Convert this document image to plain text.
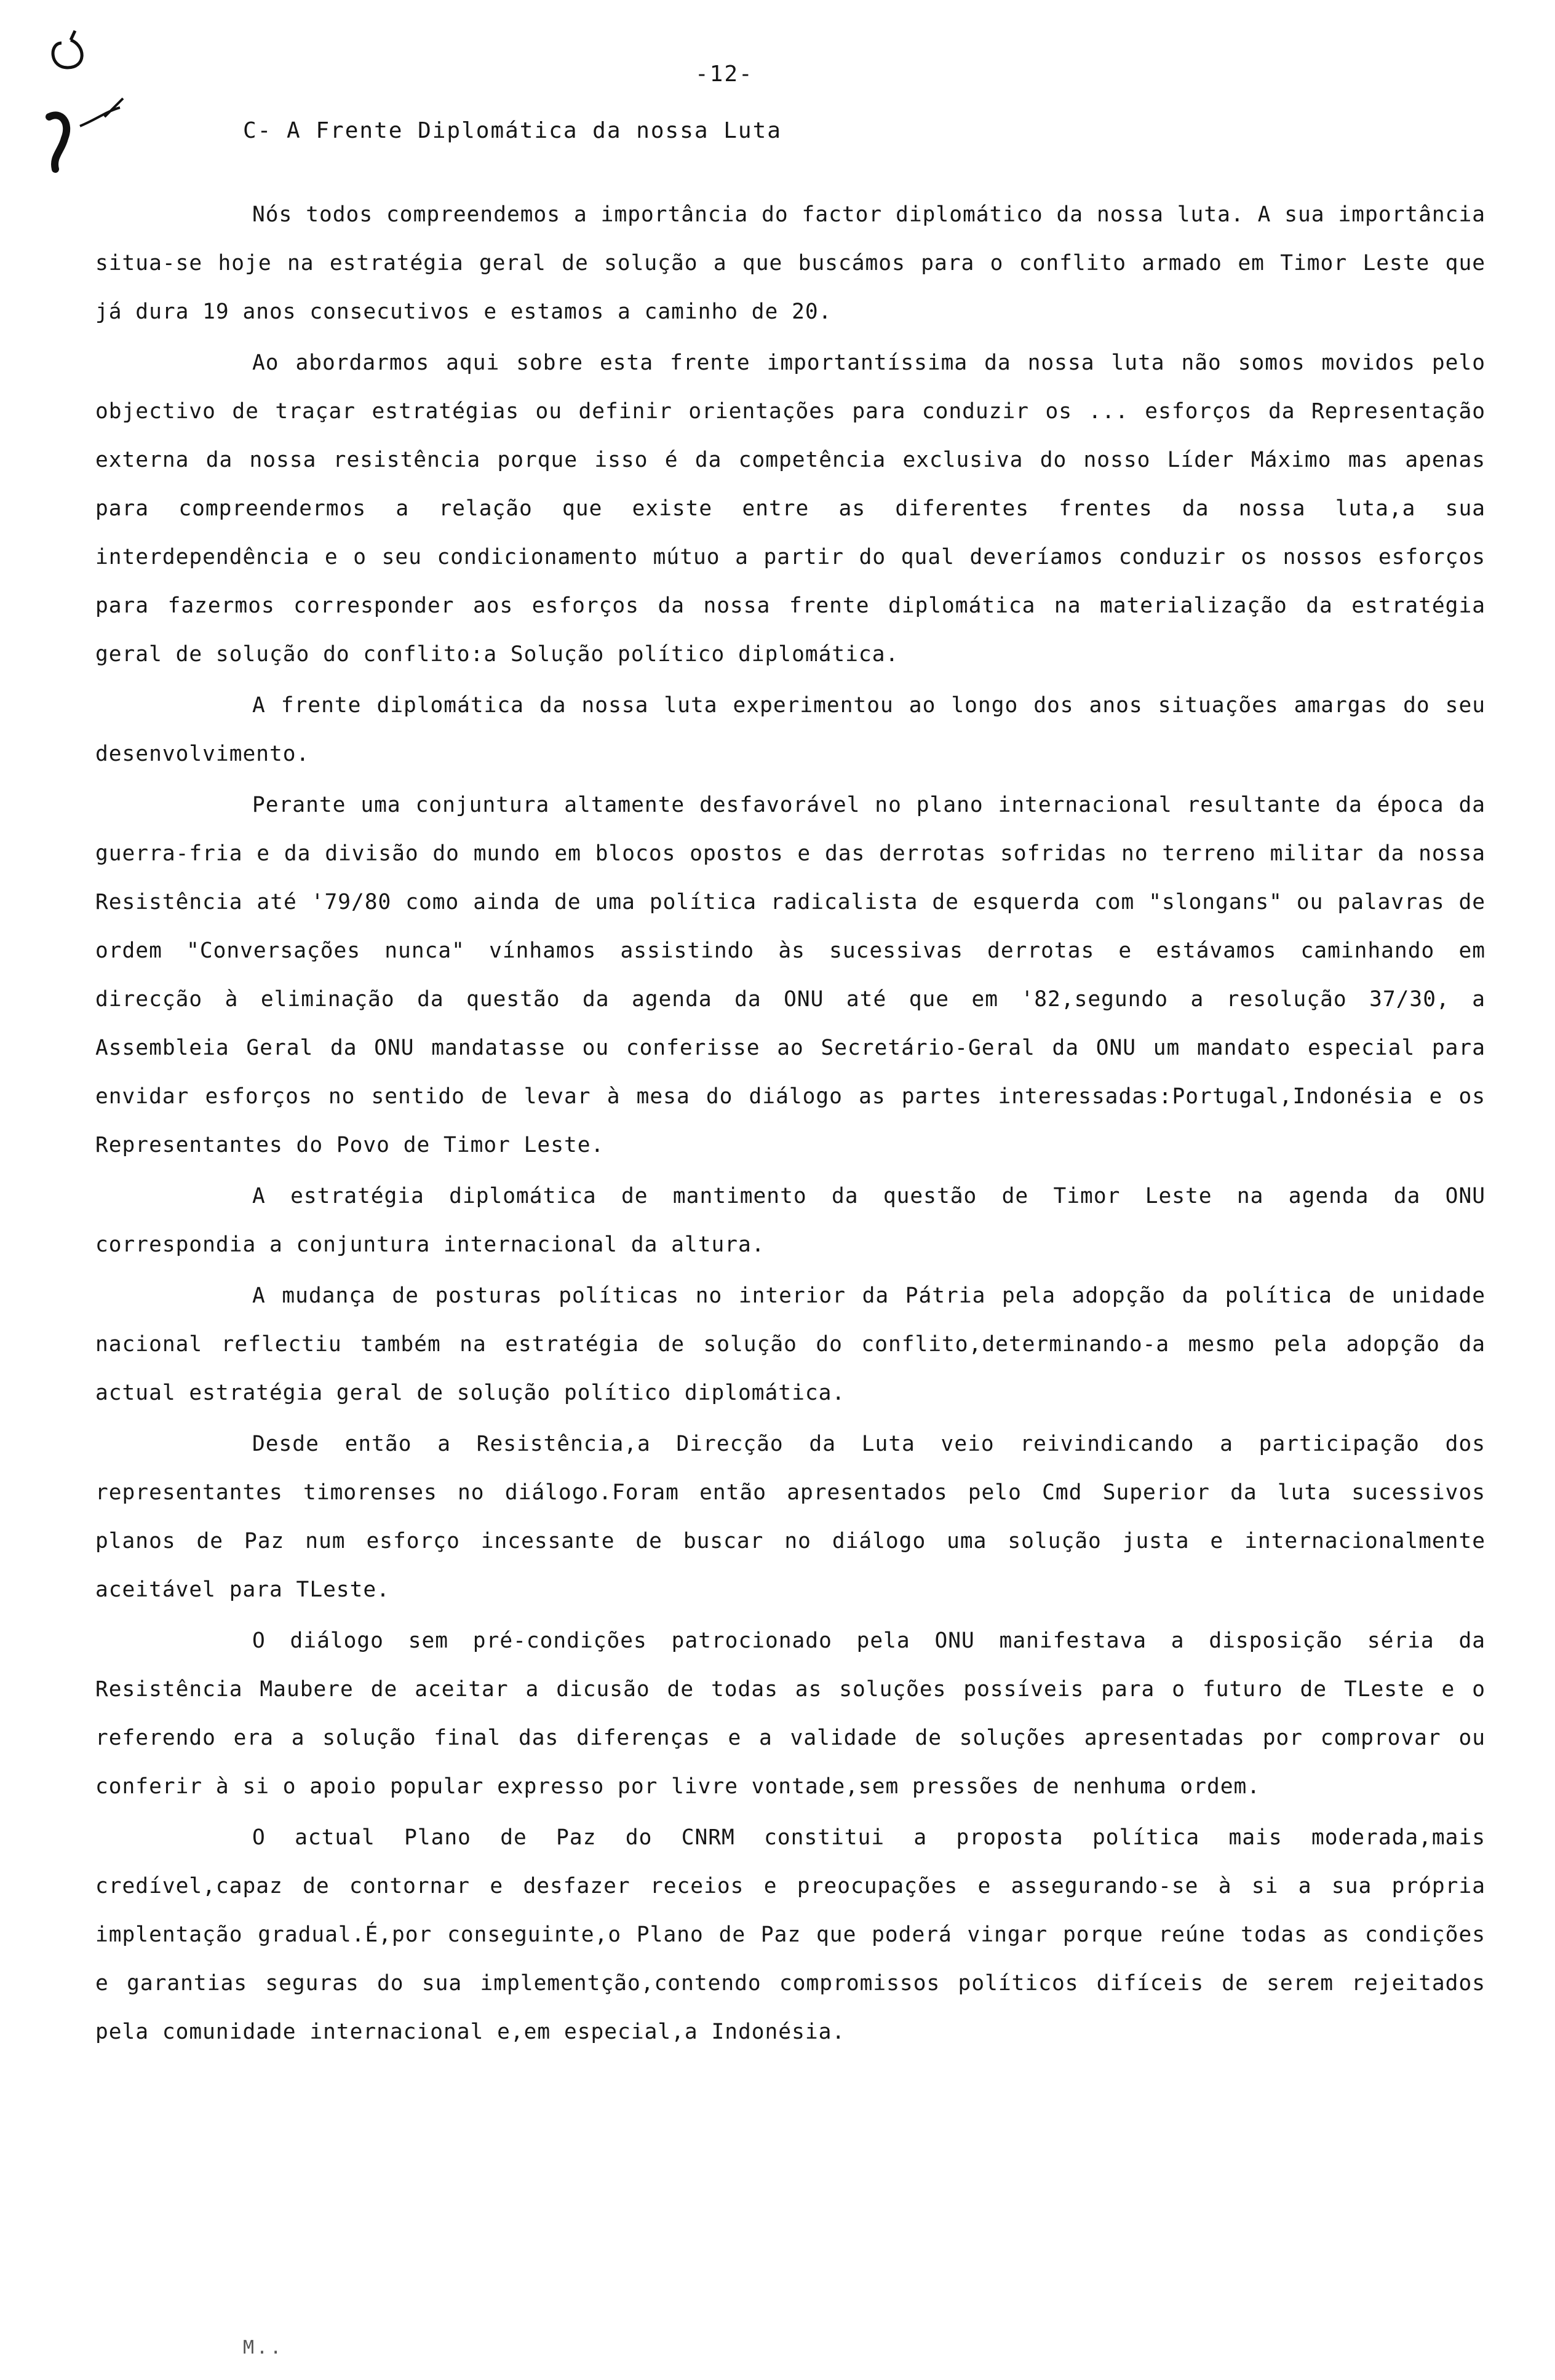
-12-
C- A Frente Diplomática da nossa Luta

Nós todos compreendemos a importância do factor diplomático da nossa luta. A sua importância situa-se hoje na estratégia geral de solução a que buscámos para o conflito armado em Timor Leste que já dura 19 anos consecutivos e estamos a caminho de 20.

Ao abordarmos aqui sobre esta frente importantíssima da nossa luta não somos movidos pelo objectivo de traçar estratégias ou definir orientações para conduzir os ... esforços da Representação externa da nossa resistência porque isso é da competência exclusiva do nosso Líder Máximo mas apenas para compreendermos a relação que existe entre as diferentes frentes da nossa luta,a sua interdependência e o seu condicionamento mútuo a partir do qual deveríamos conduzir os nossos esforços para fazermos corresponder aos esforços da nossa frente diplomática na materialização da estratégia geral de solução do conflito:a Solução político diplomática.

A frente diplomática da nossa luta experimentou ao longo dos anos situações amargas do seu desenvolvimento.

Perante uma conjuntura altamente desfavorável no plano internacional resultante da época da guerra-fria e da divisão do mundo em blocos opostos e das derrotas sofridas no terreno militar da nossa Resistência até '79/80 como ainda de uma política radicalista de esquerda com "slongans" ou palavras de ordem "Conversações nunca" vínhamos assistindo às sucessivas derrotas e estávamos caminhando em direcção à eliminação da questão da agenda da ONU até que em '82,segundo a resolução 37/30, a Assembleia Geral da ONU mandatasse ou conferisse ao Secretário-Geral da ONU um mandato especial para envidar esforços no sentido de levar à mesa do diálogo as partes interessadas:Portugal,Indonésia e os Representantes do Povo de Timor Leste.

A estratégia diplomática de mantimento da questão de Timor Leste na agenda da ONU correspondia a conjuntura internacional da altura.

A mudança de posturas políticas no interior da Pátria pela adopção da política de unidade nacional reflectiu também na estratégia de solução do conflito,determinando-a mesmo pela adopção da actual estratégia geral de solução político diplomática.

Desde então a Resistência,a Direcção da Luta veio reivindicando a participação dos representantes timorenses no diálogo.Foram então apresentados pelo Cmd Superior da luta sucessivos planos de Paz num esforço incessante de buscar no diálogo uma solução justa e internacionalmente aceitável para TLeste.

O diálogo sem pré-condições patrocionado pela ONU manifestava a disposição séria da Resistência Maubere de aceitar a dicusão de todas as soluções possíveis para o futuro de TLeste e o referendo era a solução final das diferenças e a validade de soluções apresentadas por comprovar ou conferir à si o apoio popular expresso por livre vontade,sem pressões de nenhuma ordem.

O actual Plano de Paz do CNRM constitui a proposta política mais moderada,mais credível,capaz de contornar e desfazer receios e preocupações e assegurando-se à si a sua própria implentação gradual.É,por conseguinte,o Plano de Paz que poderá vingar porque reúne todas as condições e garantias seguras do sua implementção,contendo compromissos políticos difíceis de serem rejeitados pela comunidade internacional e,em especial,a Indonésia.

M..
